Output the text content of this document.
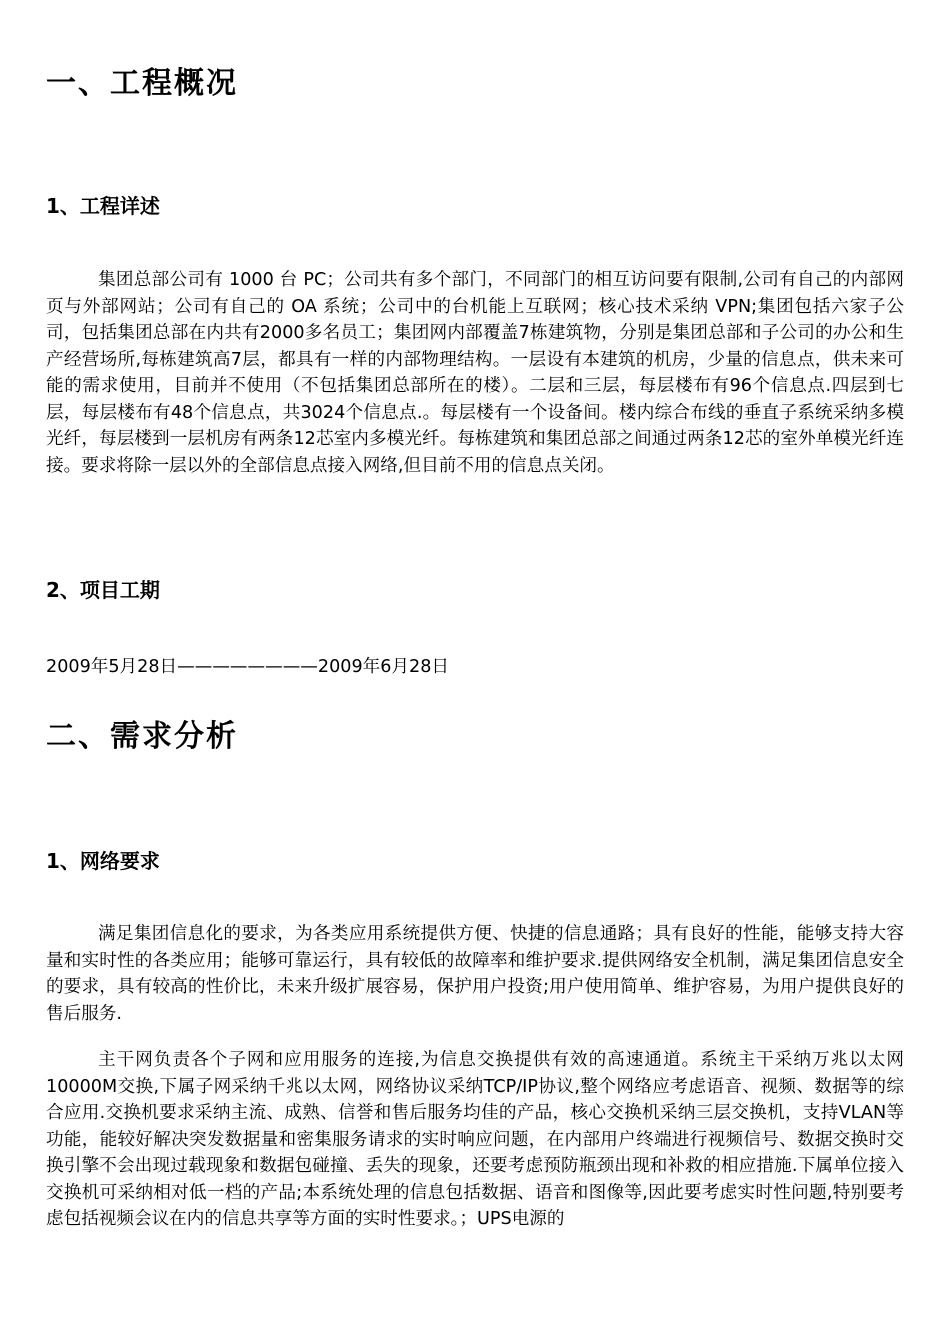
一、工程概况
1、工程详述

集团总部公司有 1000 台 PC；公司共有多个部门，不同部门的相互访问要有限制,公司有自己的内部网页与外部网站；公司有自己的 OA 系统；公司中的台机能上互联网；核心技术采纳 VPN;集团包括六家子公司，包括集团总部在内共有2000多名员工；集团网内部覆盖7栋建筑物，分别是集团总部和子公司的办公和生产经营场所,每栋建筑高7层，都具有一样的内部物理结构。一层设有本建筑的机房，少量的信息点，供未来可能的需求使用，目前并不使用（不包括集团总部所在的楼）。二层和三层，每层楼布有96个信息点.四层到七层，每层楼布有48个信息点，共3024个信息点.。每层楼有一个设备间。楼内综合布线的垂直子系统采纳多模光纤，每层楼到一层机房有两条12芯室内多模光纤。每栋建筑和集团总部之间通过两条12芯的室外单模光纤连接。要求将除一层以外的全部信息点接入网络,但目前不用的信息点关闭。

2、项目工期

2009年5月28日————————2009年6月28日

二、需求分析
1、网络要求

满足集团信息化的要求，为各类应用系统提供方便、快捷的信息通路；具有良好的性能，能够支持大容量和实时性的各类应用；能够可靠运行，具有较低的故障率和维护要求.提供网络安全机制，满足集团信息安全的要求，具有较高的性价比，未来升级扩展容易，保护用户投资;用户使用简单、维护容易，为用户提供良好的售后服务.

主干网负责各个子网和应用服务的连接,为信息交换提供有效的高速通道。系统主干采纳万兆以太网10000M交换,下属子网采纳千兆以太网，网络协议采纳TCP/IP协议,整个网络应考虑语音、视频、数据等的综合应用.交换机要求采纳主流、成熟、信誉和售后服务均佳的产品，核心交换机采纳三层交换机，支持VLAN等功能，能较好解决突发数据量和密集服务请求的实时响应问题，在内部用户终端进行视频信号、数据交换时交换引擎不会出现过载现象和数据包碰撞、丢失的现象，还要考虑预防瓶颈出现和补救的相应措施.下属单位接入交换机可采纳相对低一档的产品;本系统处理的信息包括数据、语音和图像等,因此要考虑实时性问题,特别要考虑包括视频会议在内的信息共享等方面的实时性要求。；UPS电源的
